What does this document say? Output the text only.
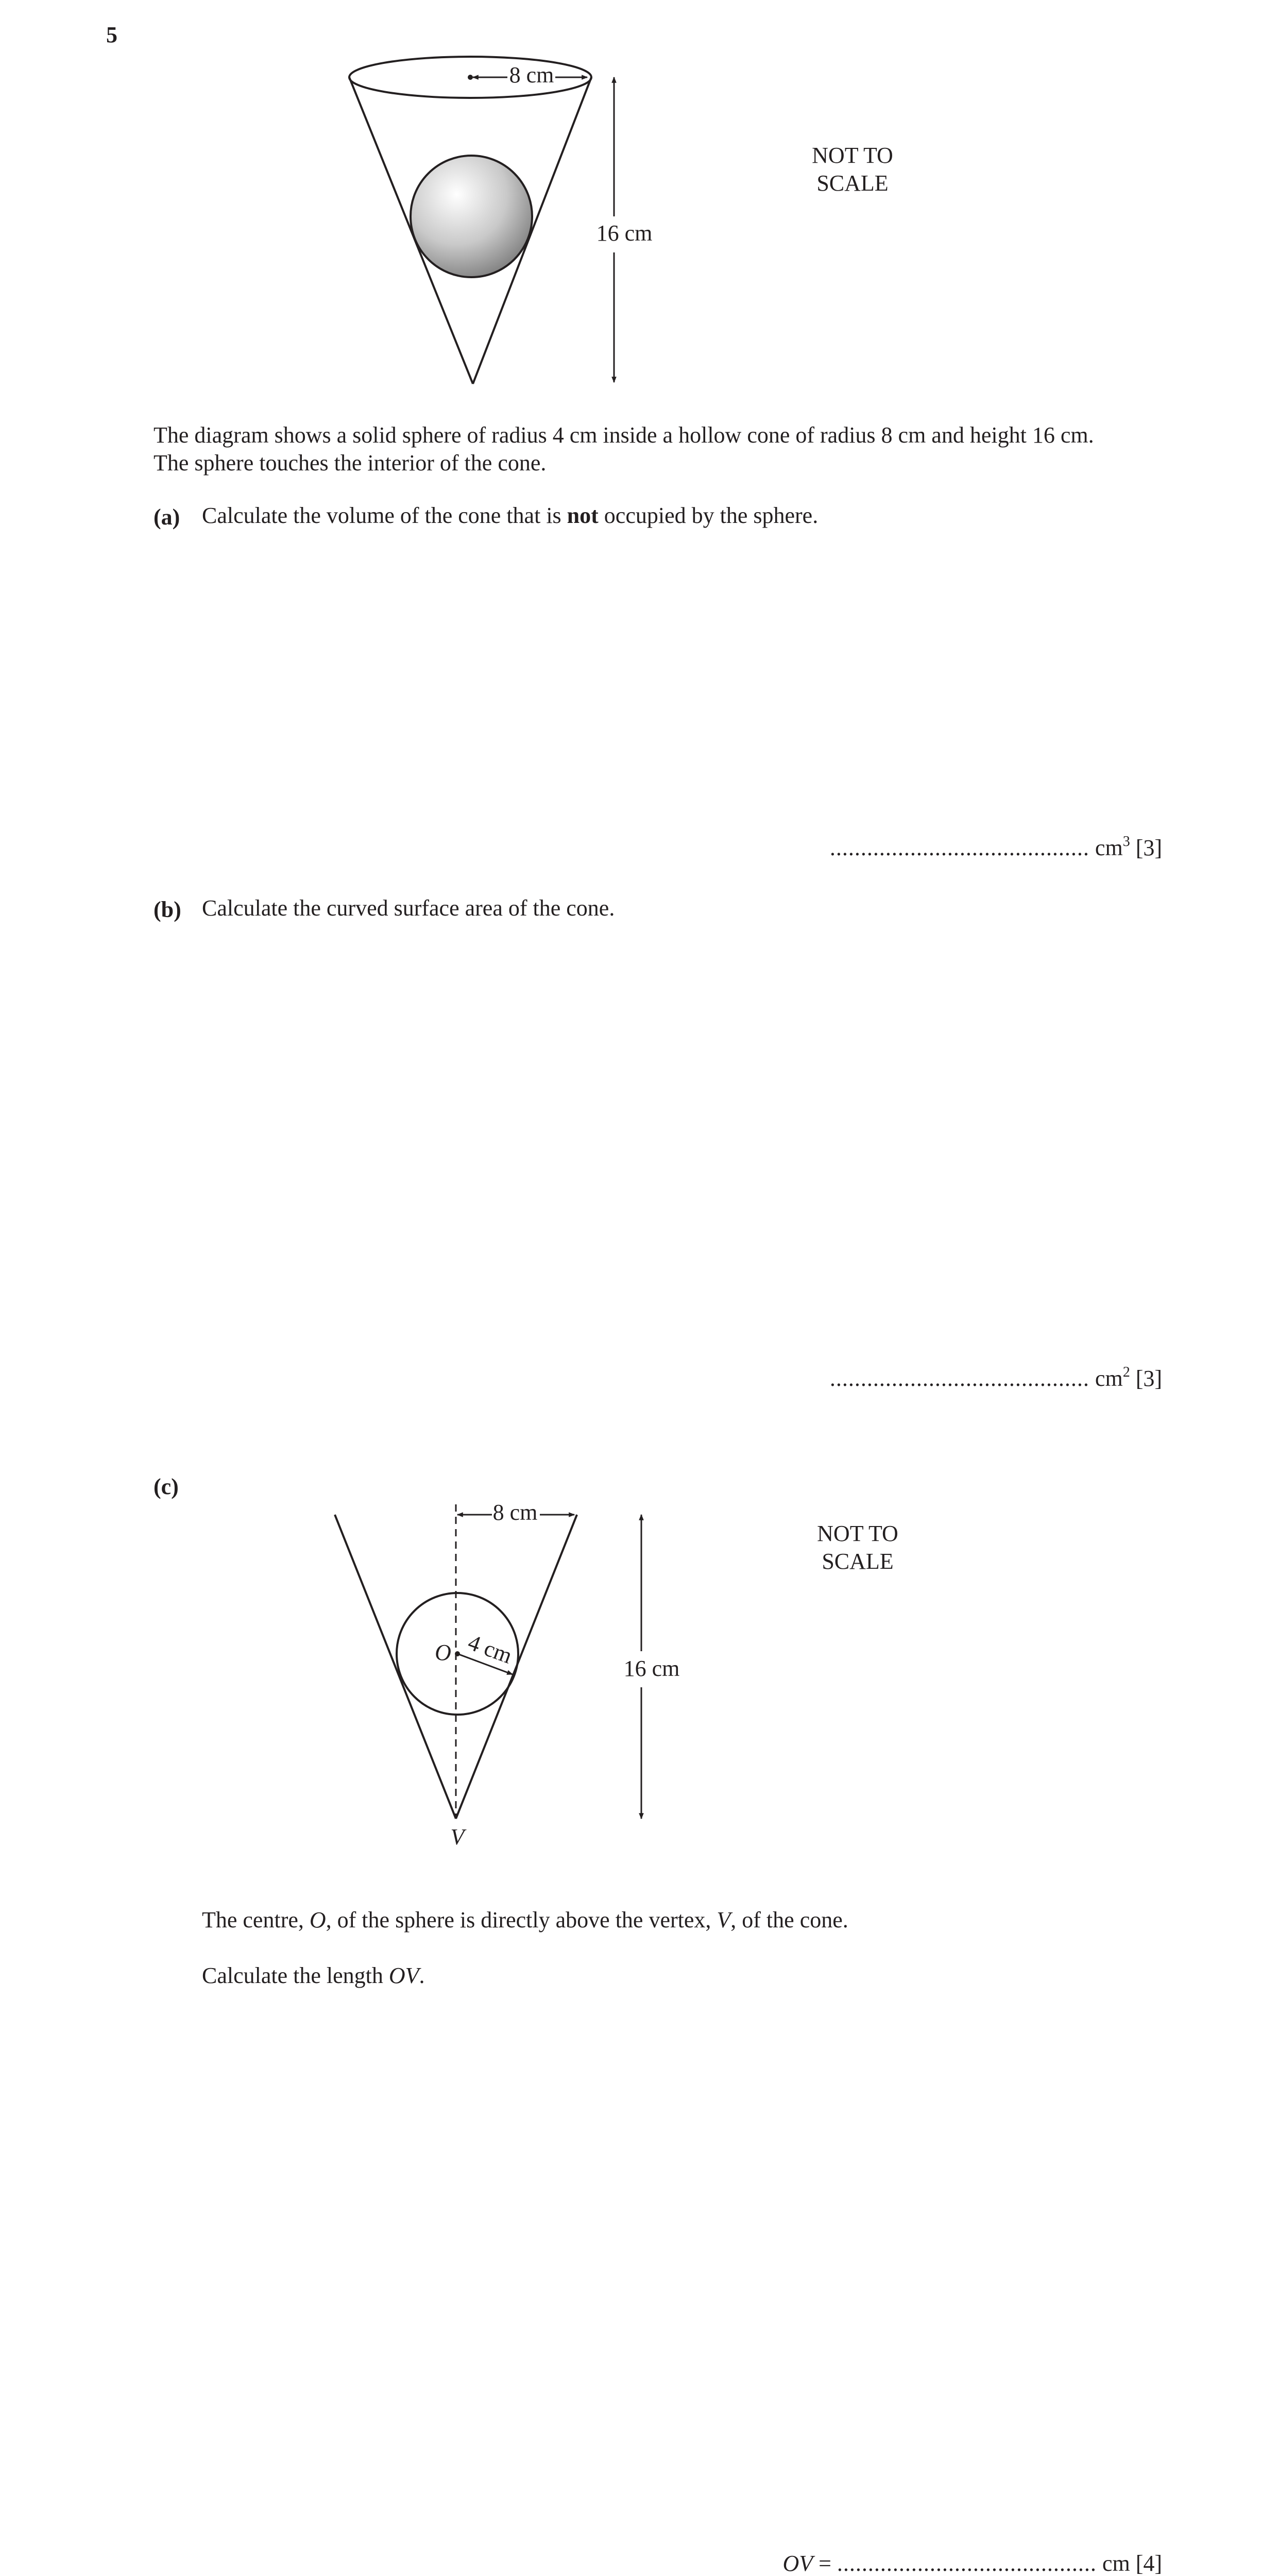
5
8 cm
16 cm
8 cm
4 cm
O
V
16 cm
NOT TO
SCALE
The diagram shows a solid sphere of radius 4 cm inside a hollow cone of radius 8 cm and height 16 cm.
The sphere touches the interior of the cone.
(a) Calculate the volume of the cone that is not occupied by the sphere.
.......................................... $cm^3$ [3]
(b) Calculate the curved surface area of the cone.
.......................................... $cm^2$ [3]
(c)
NOT TO
SCALE
The centre, O, of the sphere is directly above the vertex, V, of the cone.
Calculate the length OV.
OV = .......................................... cm [4]
